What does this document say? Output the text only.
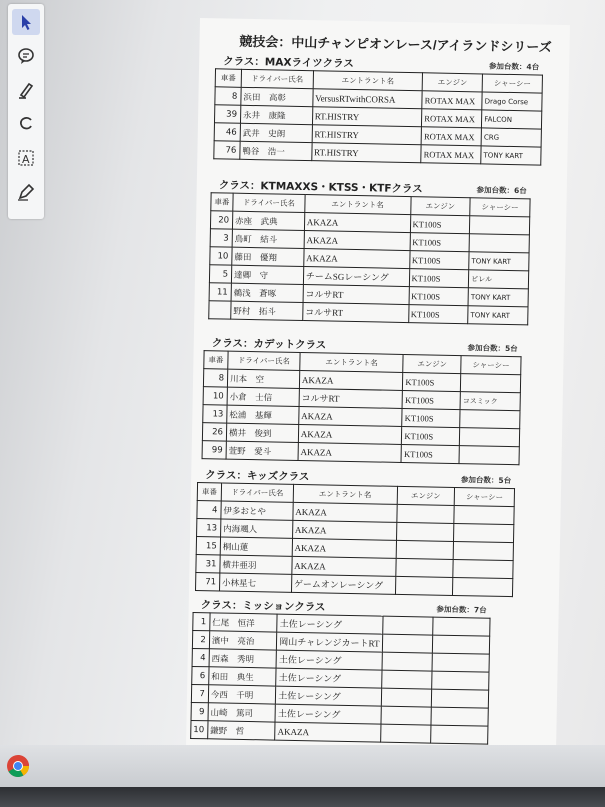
A
競技会：中山チャンピオンレース/アイランドシリーズ
クラス：MAXライツクラス	参加台数：4台
車番	ドライバー氏名	エントラント名	エンジン	シャーシー
8	浜田　高彰	VersusRTwithCORSA	ROTAX MAX	Drago Corse
39	永井　康隆	RT.HISTRY	ROTAX MAX	FALCON
46	武井　史朗	RT.HISTRY	ROTAX MAX	CRG
76	鴨谷　浩一	RT.HISTRY	ROTAX MAX	TONY KART
クラス：KTMAXXS・KTSS・KTFクラス	参加台数：6台
車番	ドライバー氏名	エントラント名	エンジン	シャーシー
20	赤座　武典	AKAZA	KT100S	
3	鳥町　結斗	AKAZA	KT100S	
10	藤田　優翔	AKAZA	KT100S	TONY KART
5	達卿　守	チームSGレーシング	KT100S	ビレル
11	鵜浅　蒼啄	コルサRT	KT100S	TONY KART
	野村　拓斗	コルサRT	KT100S	TONY KART
クラス：カデットクラス	参加台数：5台
車番	ドライバー氏名	エントラント名	エンジン	シャーシー
8	川本　空	AKAZA	KT100S	
10	小倉　士信	コルサRT	KT100S	コスミック
13	松浦　基輝	AKAZA	KT100S	
26	横井　俊到	AKAZA	KT100S	
99	萱野　愛斗	AKAZA	KT100S	
クラス：キッズクラス	参加台数：5台
車番	ドライバー氏名	エントラント名	エンジン	シャーシー
4	伊多おとや	AKAZA		
13	内海颯人	AKAZA		
15	桐山蓮	AKAZA		
31	横井亜羽	AKAZA		
71	小林星七	ゲームオンレーシング		
クラス：ミッションクラス	参加台数：7台
1	仁尾　恒洋	土佐レーシング		
2	濱中　亮治	岡山チャレンジカートRT		
4	西森　秀明	土佐レーシング		
6	和田　典生	土佐レーシング		
7	今西　千明	土佐レーシング		
9	山崎　篤司	土佐レーシング		
10	鎌野　哲	AKAZA		
